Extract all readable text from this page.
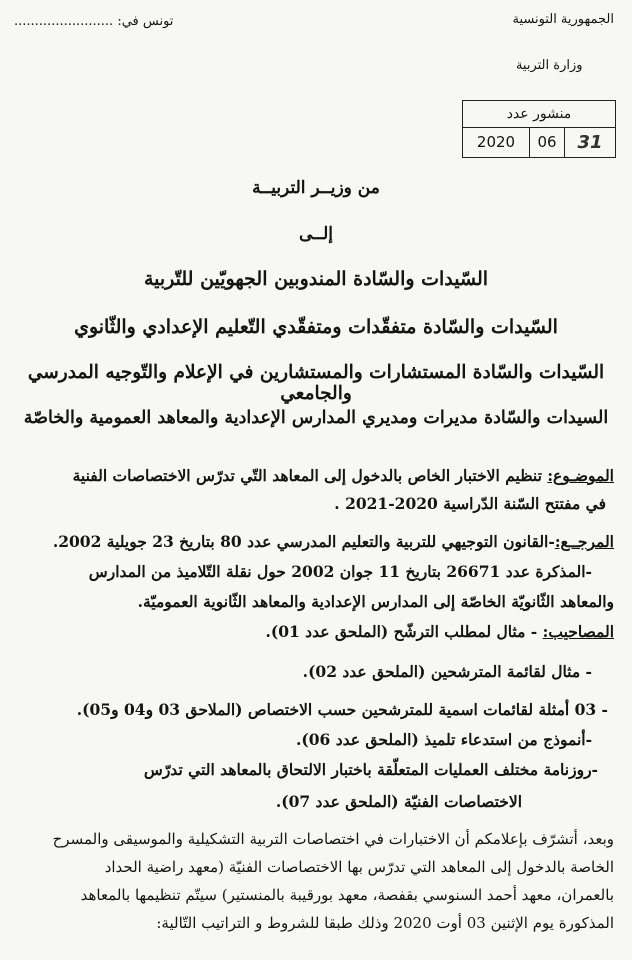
الجمهورية التونسية
وزارة التربية
تونس في: ........................
منشور عدد
2020	06	31
من وزيــر التربيــة
إلــى
السّيدات والسّادة المندوبين الجهويّين للتّربية
السّيدات والسّادة متفقّدات ومتفقّدي التّعليم الإعدادي والثّانوي
السّيدات والسّادة المستشارات والمستشارين في الإعلام والتّوجيه المدرسي والجامعي
السيدات والسّادة مديرات ومديري المدارس الإعدادية والمعاهد العمومية والخاصّة
الموضـوع: تنظيم الاختبار الخاص بالدخول إلى المعاهد التّي تدرّس الاختصاصات الفنية
في مفتتح السّنة الدّراسية 2020-2021 .
المرجــع:-القانون التوجيهي للتربية والتعليم المدرسي عدد 80 بتاريخ 23 جويلية 2002.
-المذكرة عدد 26671 بتاريخ 11 جوان 2002 حول نقلة التّلاميذ من المدارس
والمعاهد الثّانويّة الخاصّة إلى المدارس الإعدادية والمعاهد الثّانوية العموميّة.
المصاحيب: - مثال لمطلب الترشّح (الملحق عدد 01).
- مثال لقائمة المترشحين (الملحق عدد 02).
- 03 أمثلة لقائمات اسمية للمترشحين حسب الاختصاص (الملاحق 03 و04 و05).
-أنموذج من استدعاء تلميذ (الملحق عدد 06).
-روزنامة مختلف العمليات المتعلّقة باختبار الالتحاق بالمعاهد التي تدرّس
الاختصاصات الفنيّة (الملحق عدد 07).
وبعد، أتشرّف بإعلامكم أن الاختبارات في اختصاصات التربية التشكيلية والموسيقى والمسرح
الخاصة بالدخول إلى المعاهد التي تدرّس بها الاختصاصات الفنيّة (معهد راضية الحداد
بالعمران، معهد أحمد السنوسي بقفصة، معهد بورقيبة بالمنستير) سيتّم تنظيمها بالمعاهد
المذكورة يوم الإثنين 03 أوت 2020 وذلك طبقا للشروط و التراتيب التّالية:
